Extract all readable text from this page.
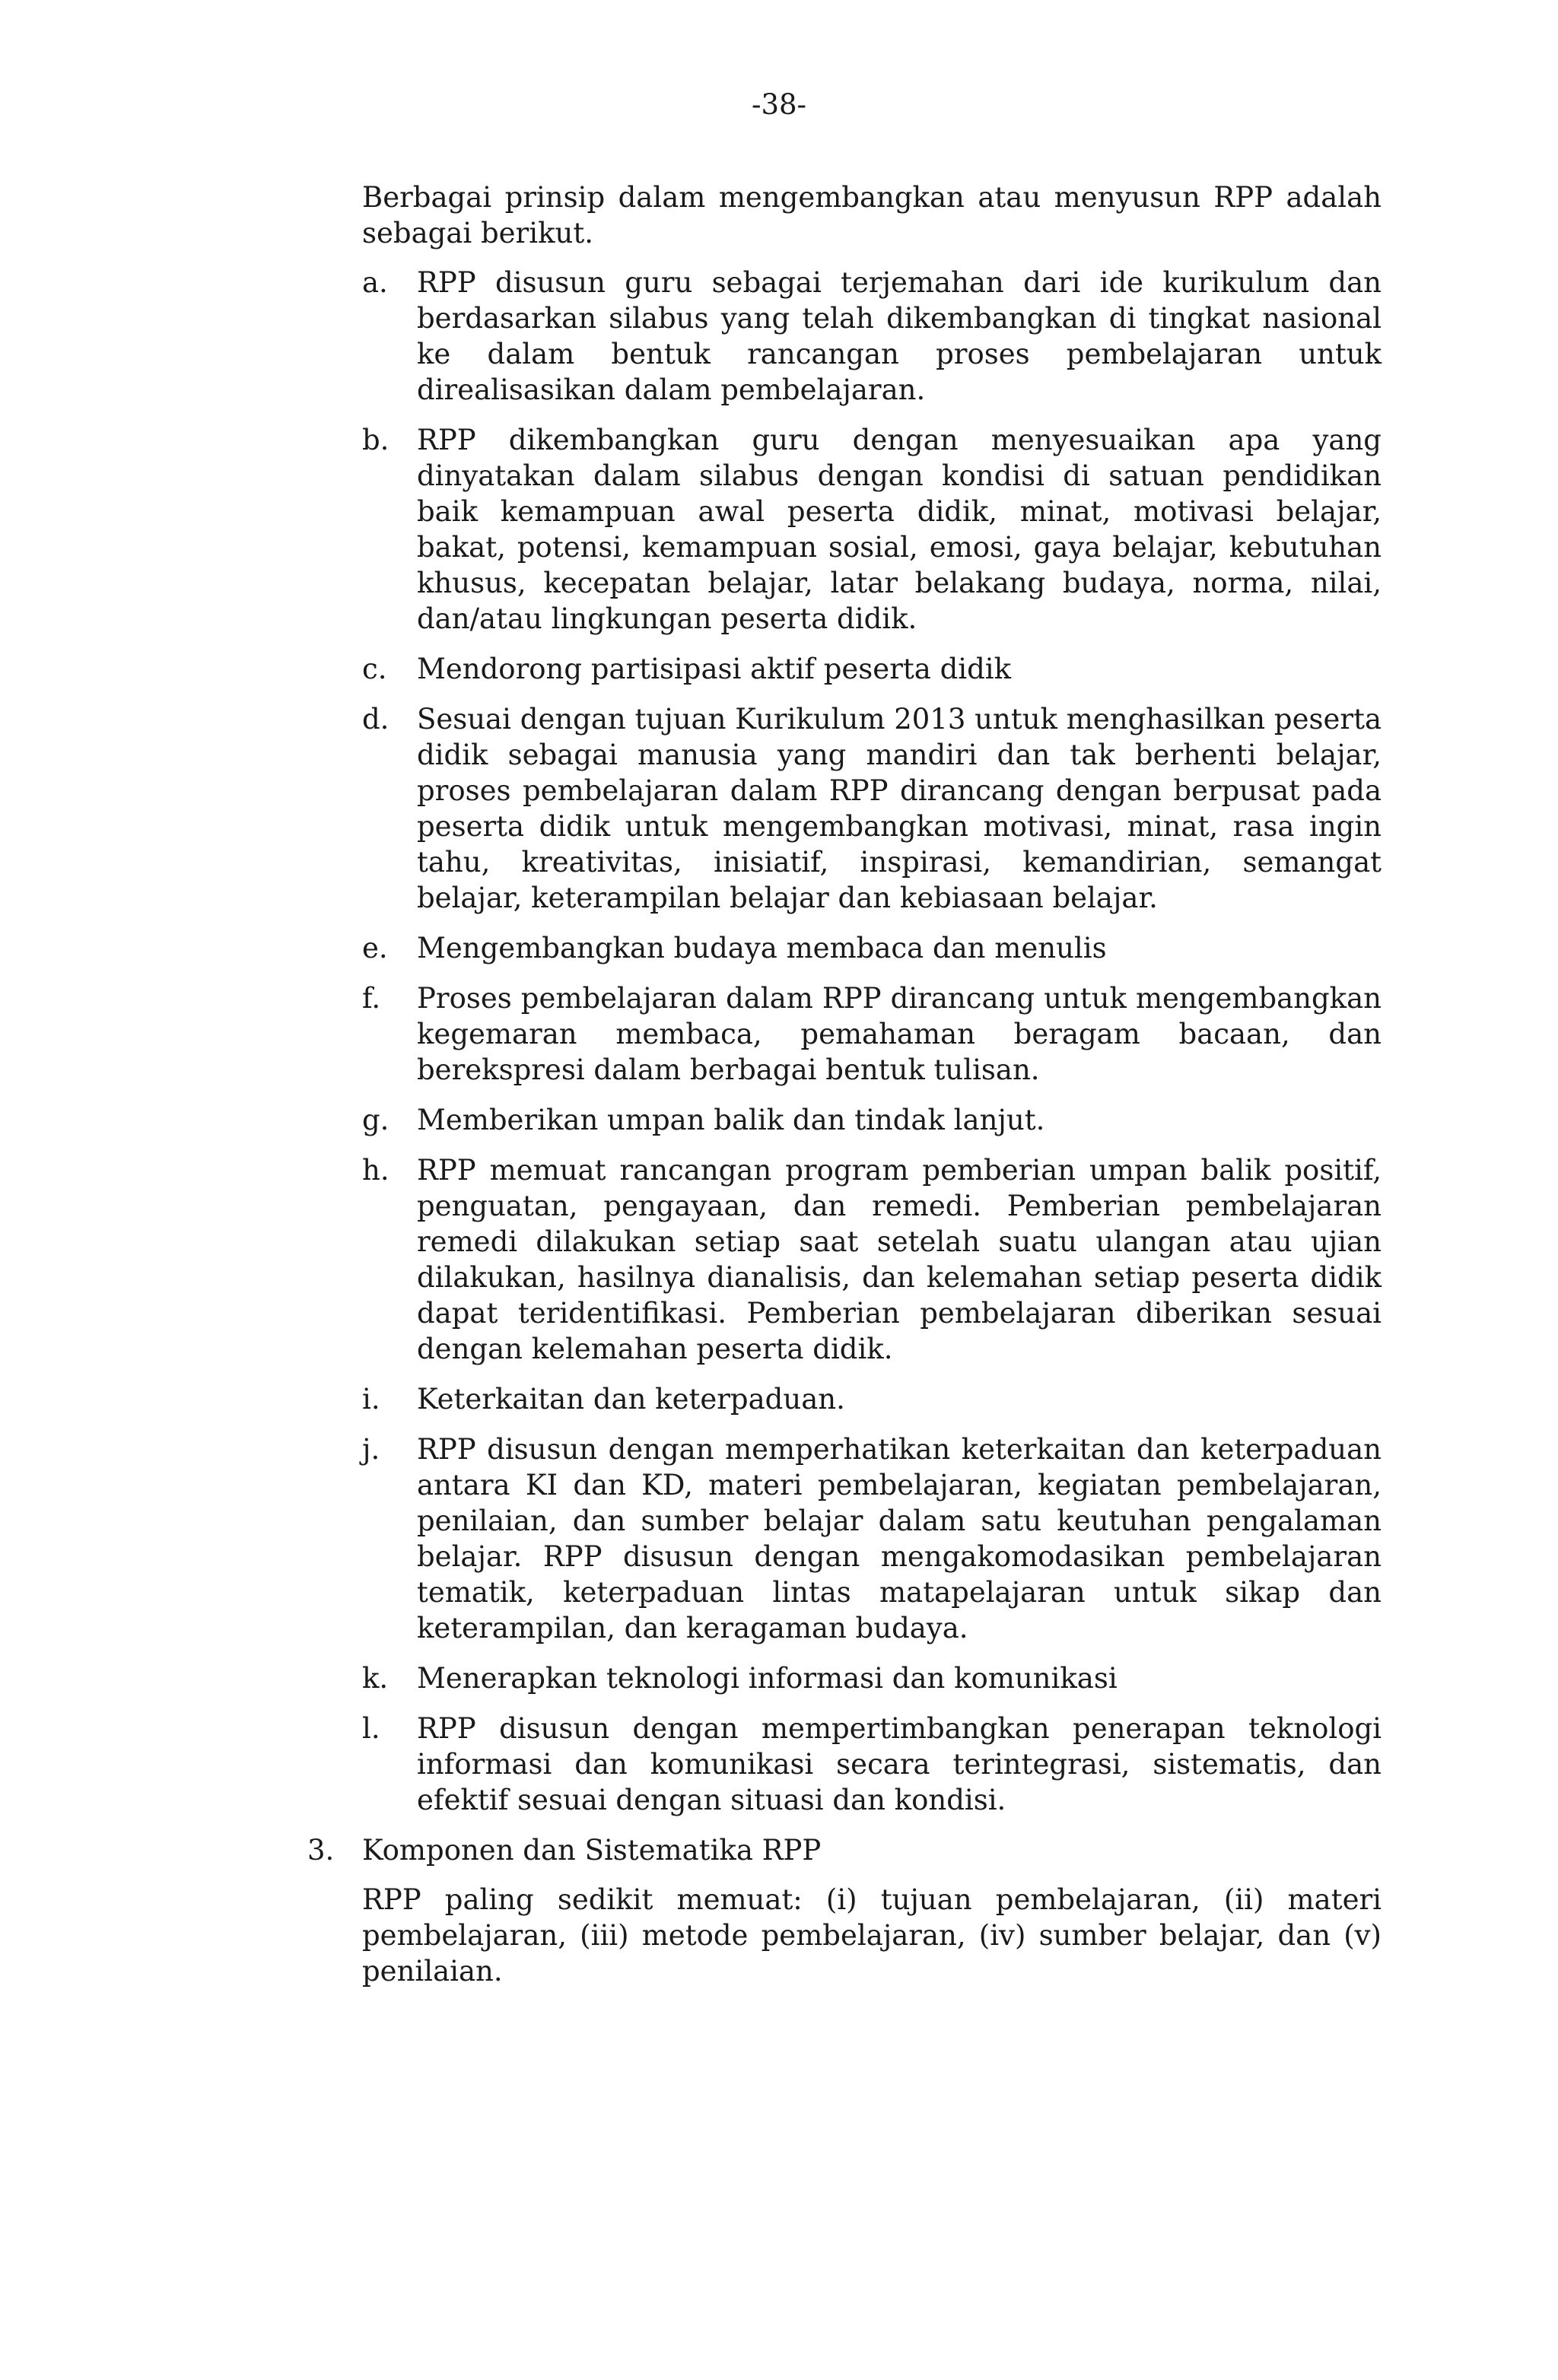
-38-

Berbagai prinsip dalam mengembangkan atau menyusun RPP adalah sebagai berikut.

a. RPP disusun guru sebagai terjemahan dari ide kurikulum dan berdasarkan silabus yang telah dikembangkan di tingkat nasional ke dalam bentuk rancangan proses pembelajaran untuk direalisasikan dalam pembelajaran.
b. RPP dikembangkan guru dengan menyesuaikan apa yang dinyatakan dalam silabus dengan kondisi di satuan pendidikan baik kemampuan awal peserta didik, minat, motivasi belajar, bakat, potensi, kemampuan sosial, emosi, gaya belajar, kebutuhan khusus, kecepatan belajar, latar belakang budaya, norma, nilai, dan/atau lingkungan peserta didik.
c. Mendorong partisipasi aktif peserta didik
d. Sesuai dengan tujuan Kurikulum 2013 untuk menghasilkan peserta didik sebagai manusia yang mandiri dan tak berhenti belajar, proses pembelajaran dalam RPP dirancang dengan berpusat pada peserta didik untuk mengembangkan motivasi, minat, rasa ingin tahu, kreativitas, inisiatif, inspirasi, kemandirian, semangat belajar, keterampilan belajar dan kebiasaan belajar.
e. Mengembangkan budaya membaca dan menulis
f. Proses pembelajaran dalam RPP dirancang untuk mengembangkan kegemaran membaca, pemahaman beragam bacaan, dan berekspresi dalam berbagai bentuk tulisan.
g. Memberikan umpan balik dan tindak lanjut.
h. RPP memuat rancangan program pemberian umpan balik positif, penguatan, pengayaan, dan remedi. Pemberian pembelajaran remedi dilakukan setiap saat setelah suatu ulangan atau ujian dilakukan, hasilnya dianalisis, dan kelemahan setiap peserta didik dapat teridentifikasi. Pemberian pembelajaran diberikan sesuai dengan kelemahan peserta didik.
i. Keterkaitan dan keterpaduan.
j. RPP disusun dengan memperhatikan keterkaitan dan keterpaduan antara KI dan KD, materi pembelajaran, kegiatan pembelajaran, penilaian, dan sumber belajar dalam satu keutuhan pengalaman belajar. RPP disusun dengan mengakomodasikan pembelajaran tematik, keterpaduan lintas matapelajaran untuk sikap dan keterampilan, dan keragaman budaya.
k. Menerapkan teknologi informasi dan komunikasi
l. RPP disusun dengan mempertimbangkan penerapan teknologi informasi dan komunikasi secara terintegrasi, sistematis, dan efektif sesuai dengan situasi dan kondisi.
3. Komponen dan Sistematika RPP

RPP paling sedikit memuat: (i) tujuan pembelajaran, (ii) materi pembelajaran, (iii) metode pembelajaran, (iv) sumber belajar, dan (v) penilaian.
